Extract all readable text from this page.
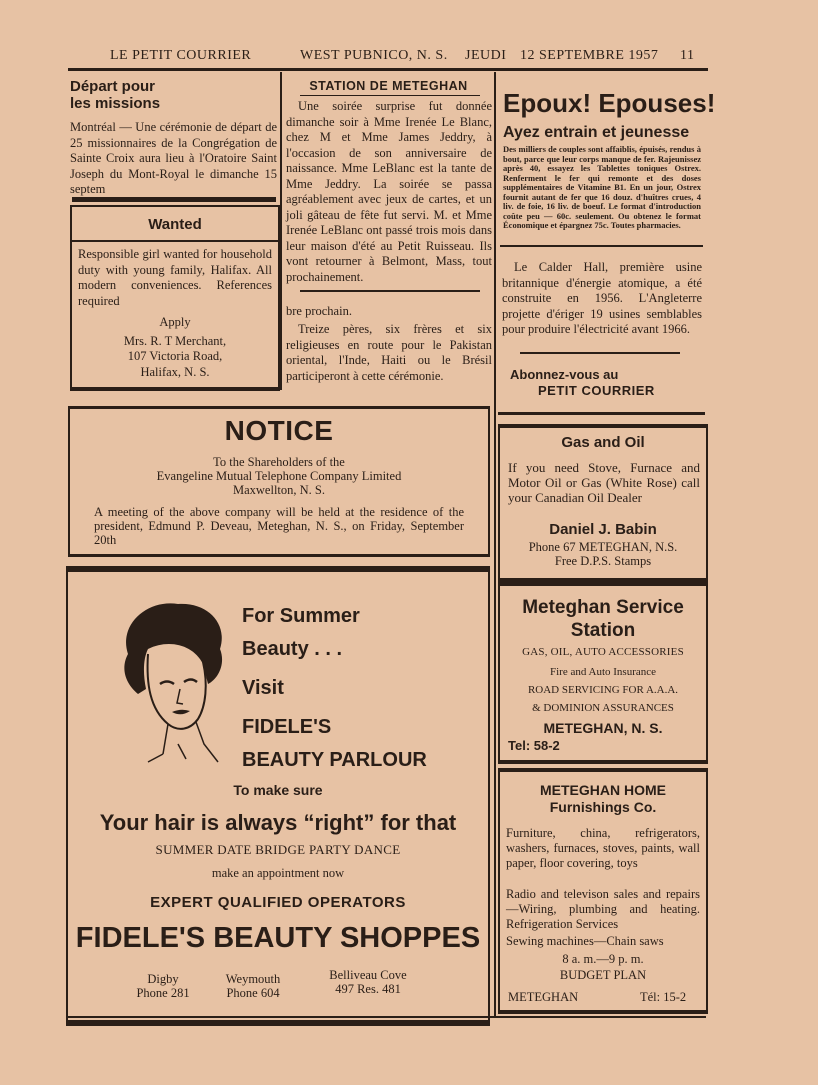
LE PETIT COURRIER	WEST PUBNICO, N. S. JEUDI 12 SEPTEMBRE 1957 11
Départ pour
les missions

Montréal — Une cérémonie de départ de 25 missionnaires de la Congrégation de Sainte Croix aura lieu à l'Oratoire Saint Joseph du Mont-Royal le dimanche 15 septem

Wanted

Responsible girl wanted for household duty with young family, Halifax. All modern conveniences. References required

Apply
Mrs. R. T Merchant,
107 Victoria Road,
Halifax, N. S.
STATION DE METEGHAN

Une soirée surprise fut donnée dimanche soir à Mme Irenée Le Blanc, chez M et Mme James Jeddry, à l'occasion de son anniversaire de naissance. Mme LeBlanc est la tante de Mme Jeddry. La soirée se passa agréablement avec jeux de cartes, et un joli gâteau de fête fut servi. M. et Mme Irenée LeBlanc ont passé trois mois dans leur maison d'été au Petit Ruisseau. Ils vont retourner à Belmont, Mass, tout prochainement.

bre prochain.

Treize pères, six frères et six religieuses en route pour le Pakistan oriental, l'Inde, Haiti ou le Brésil participeront à cette cérémonie.

Epoux! Epouses!
Ayez entrain et jeunesse

Des milliers de couples sont affaiblis, épuisés, rendus à bout, parce que leur corps manque de fer. Rajeunissez après 40, essayez les Tablettes toniques Ostrex. Renferment le fer qui remonte et des doses supplémentaires de Vitamine B1. En un jour, Ostrex fournit autant de fer que 16 douz. d'huîtres crues, 4 liv. de foie, 16 liv. de boeuf. Le format d'introduction coûte peu — 60c. seulement. Ou obtenez le format Économique et épargnez 75c. Toutes pharmacies.

Le Calder Hall, première usine britannique d'énergie atomique, a été construite en 1956. L'Angleterre projette d'ériger 19 usines semblables pour produire l'électricité avant 1966.

Abonnez-vous au
PETIT COURRIER
NOTICE
To the Shareholders of the
Evangeline Mutual Telephone Company Limited
Maxwellton, N. S.

A meeting of the above company will be held at the residence of the president, Edmund P. Deveau, Meteghan, N. S., on Friday, September 20th

Gas and Oil

If you need Stove, Furnace and Motor Oil or Gas (White Rose) call your Canadian Oil Dealer

Daniel J. Babin
Phone 67 METEGHAN, N.S.
Free D.P.S. Stamps
Meteghan Service
Station
GAS, OIL, AUTO ACCESSORIES
Fire and Auto Insurance
ROAD SERVICING FOR A.A.A.
& DOMINION ASSURANCES
METEGHAN, N. S.
Tel: 58-2
For Summer
Beauty . . .
Visit
FIDELE'S
BEAUTY PARLOUR
To make sure
Your hair is always “right” for that
SUMMER DATE BRIDGE PARTY DANCE
make an appointment now
EXPERT QUALIFIED OPERATORS
FIDELE'S BEAUTY SHOPPES
Digby
Phone 281
Weymouth
Phone 604
Belliveau Cove
497 Res. 481
METEGHAN HOME
Furnishings Co.

Furniture, china, refrigerators, washers, furnaces, stoves, paints, wall paper, floor covering, toys

Radio and televison sales and repairs—Wiring, plumbing and heating. Refrigeration Services

Sewing machines—Chain saws

8 a. m.—9 p. m.
BUDGET PLAN
METEGHAN	Tél: 15-2
